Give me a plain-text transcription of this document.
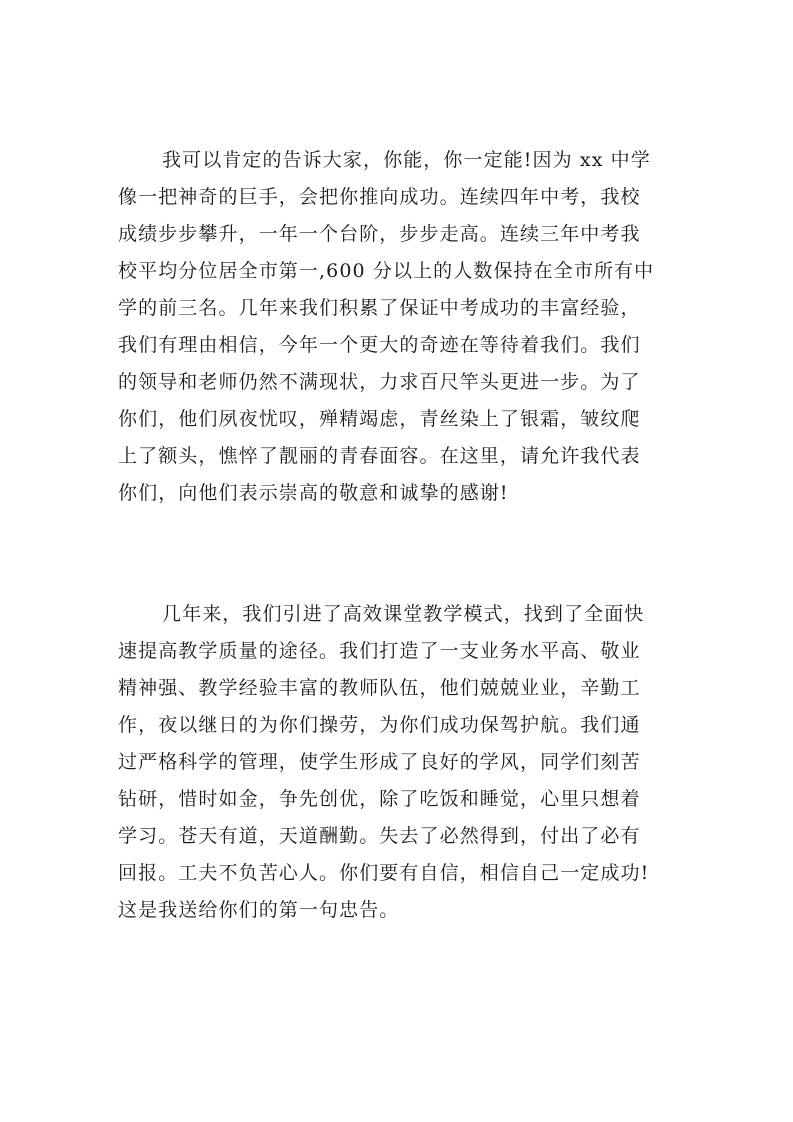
我可以肯定的告诉大家，你能，你一定能!因为 xx 中学
像一把神奇的巨手，会把你推向成功。连续四年中考，我校
成绩步步攀升，一年一个台阶，步步走高。连续三年中考我
校平均分位居全市第一,600 分以上的人数保持在全市所有中
学的前三名。几年来我们积累了保证中考成功的丰富经验，
我们有理由相信，今年一个更大的奇迹在等待着我们。我们
的领导和老师仍然不满现状，力求百尺竿头更进一步。为了
你们，他们夙夜忧叹，殚精竭虑，青丝染上了银霜，皱纹爬
上了额头，憔悴了靓丽的青春面容。在这里，请允许我代表
你们，向他们表示崇高的敬意和诚挚的感谢!
几年来，我们引进了高效课堂教学模式，找到了全面快
速提高教学质量的途径。我们打造了一支业务水平高、敬业
精神强、教学经验丰富的教师队伍，他们兢兢业业，辛勤工
作，夜以继日的为你们操劳，为你们成功保驾护航。我们通
过严格科学的管理，使学生形成了良好的学风，同学们刻苦
钻研，惜时如金，争先创优，除了吃饭和睡觉，心里只想着
学习。苍天有道，天道酬勤。失去了必然得到，付出了必有
回报。工夫不负苦心人。你们要有自信，相信自己一定成功!
这是我送给你们的第一句忠告。
